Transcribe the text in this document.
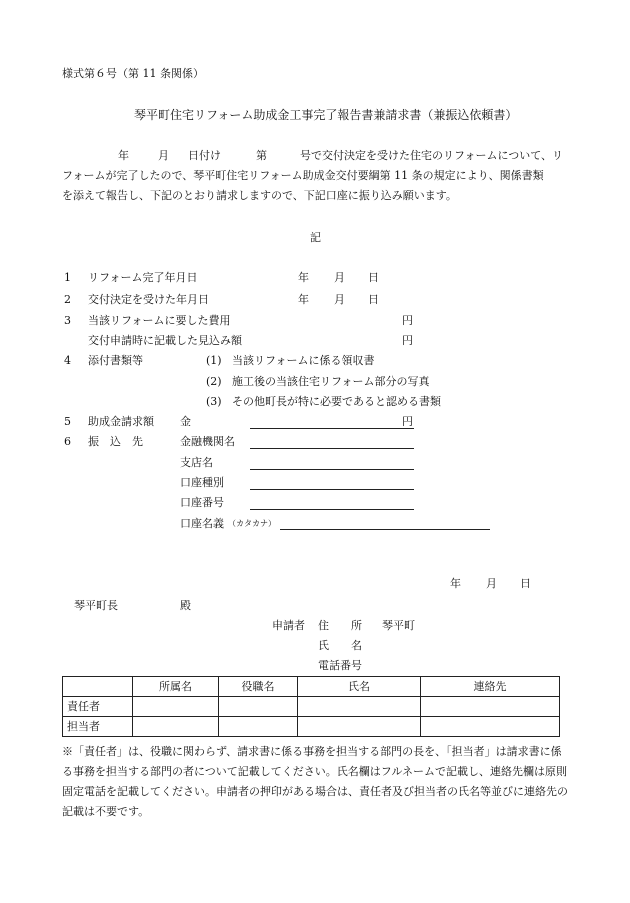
様式第６号（第 11 条関係）
琴平町住宅リフォーム助成金工事完了報告書兼請求書（兼振込依頼書）
年	月 日付け	第	号で交付決定を受けた住宅のリフォームについて、リ
フォームが完了したので、琴平町住宅リフォーム助成金交付要綱第 11 条の規定により、関係書類
を添えて報告し、下記のとおり請求しますので、下記口座に振り込み願います。
記
1 リフォーム完了年月日	年 月 日
2 交付決定を受けた年月日	年 月 日
3 当該リフォームに要した費用	円
交付申請時に記載した見込み額	円
4 添付書類等	(1) 当該リフォームに係る領収書
(2) 施工後の当該住宅リフォーム部分の写真
(3) その他町長が特に必要であると認める書類
5 助成金請求額 金	円
6 振　込　先	金融機関名
支店名
口座種別
口座番号
口座名義 （カタカナ）
年 月 日
琴平町長	殿
申請者 住　　所 琴平町
氏　　名
電話番号
	所属名	役職名	氏名	連絡先
責任者				
担当者				
※「責任者」は、役職に関わらず、請求書に係る事務を担当する部門の長を、「担当者」は請求書に係る事務を担当する部門の者について記載してください。氏名欄はフルネームで記載し、連絡先欄は原則固定電話を記載してください。申請者の押印がある場合は、責任者及び担当者の氏名等並びに連絡先の記載は不要です。
